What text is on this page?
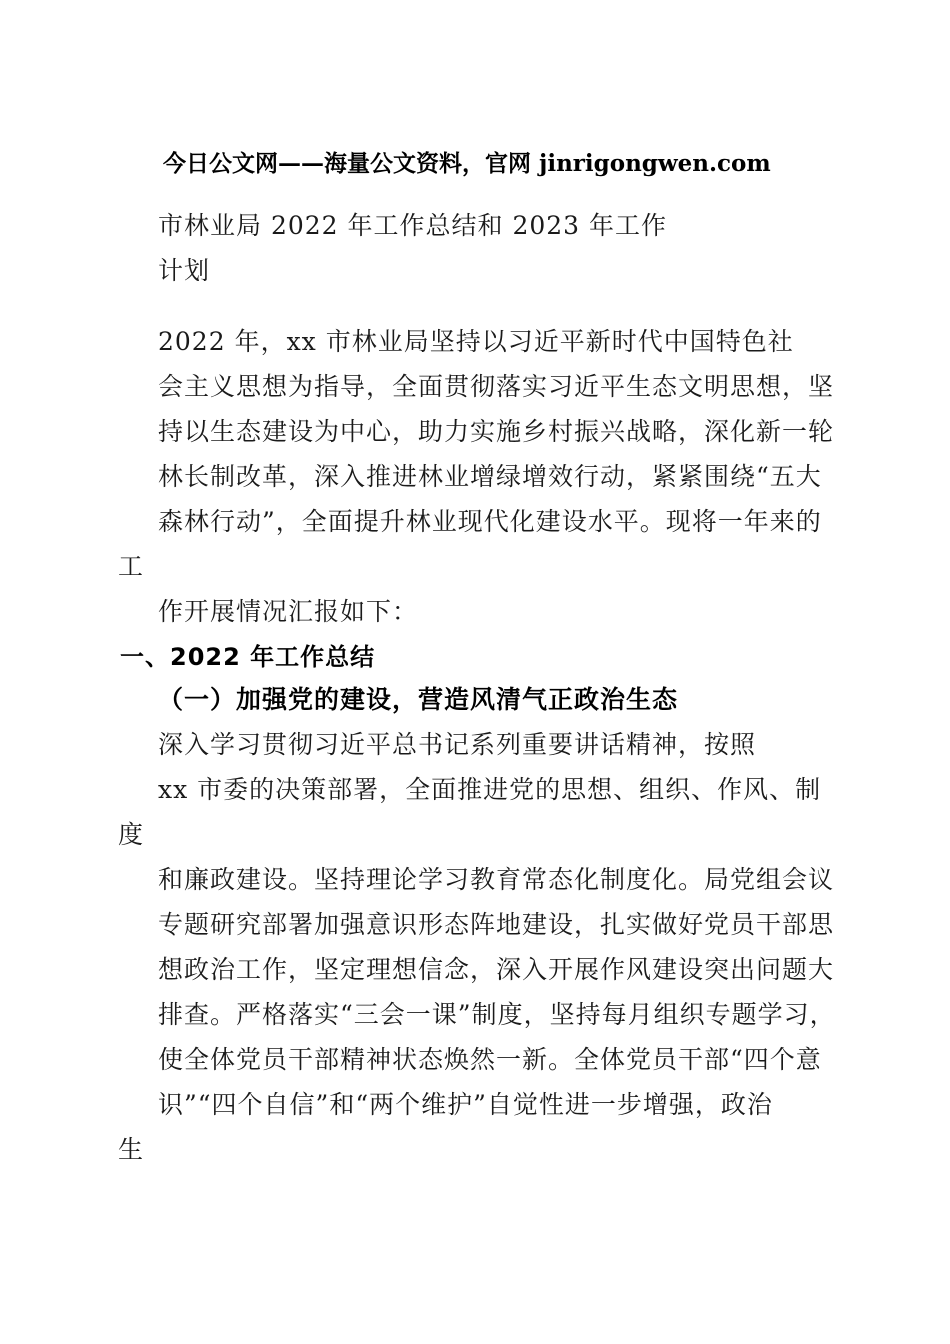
今日公文网——海量公文资料，官网 jinrigongwen.com
市林业局 2022 年工作总结和 2023 年工作
计划
2022 年，xx 市林业局坚持以习近平新时代中国特色社
会主义思想为指导，全面贯彻落实习近平生态文明思想，坚
持以生态建设为中心，助力实施乡村振兴战略，深化新一轮
林长制改革，深入推进林业增绿增效行动，紧紧围绕“五大
森林行动”，全面提升林业现代化建设水平。现将一年来的
工
作开展情况汇报如下：
一、2022 年工作总结
（一）加强党的建设，营造风清气正政治生态
深入学习贯彻习近平总书记系列重要讲话精神，按照
xx 市委的决策部署，全面推进党的思想、组织、作风、制
度
和廉政建设。坚持理论学习教育常态化制度化。局党组会议
专题研究部署加强意识形态阵地建设，扎实做好党员干部思
想政治工作，坚定理想信念，深入开展作风建设突出问题大
排查。严格落实“三会一课”制度，坚持每月组织专题学习，
使全体党员干部精神状态焕然一新。全体党员干部“四个意
识”“四个自信”和“两个维护”自觉性进一步增强，政治
生
